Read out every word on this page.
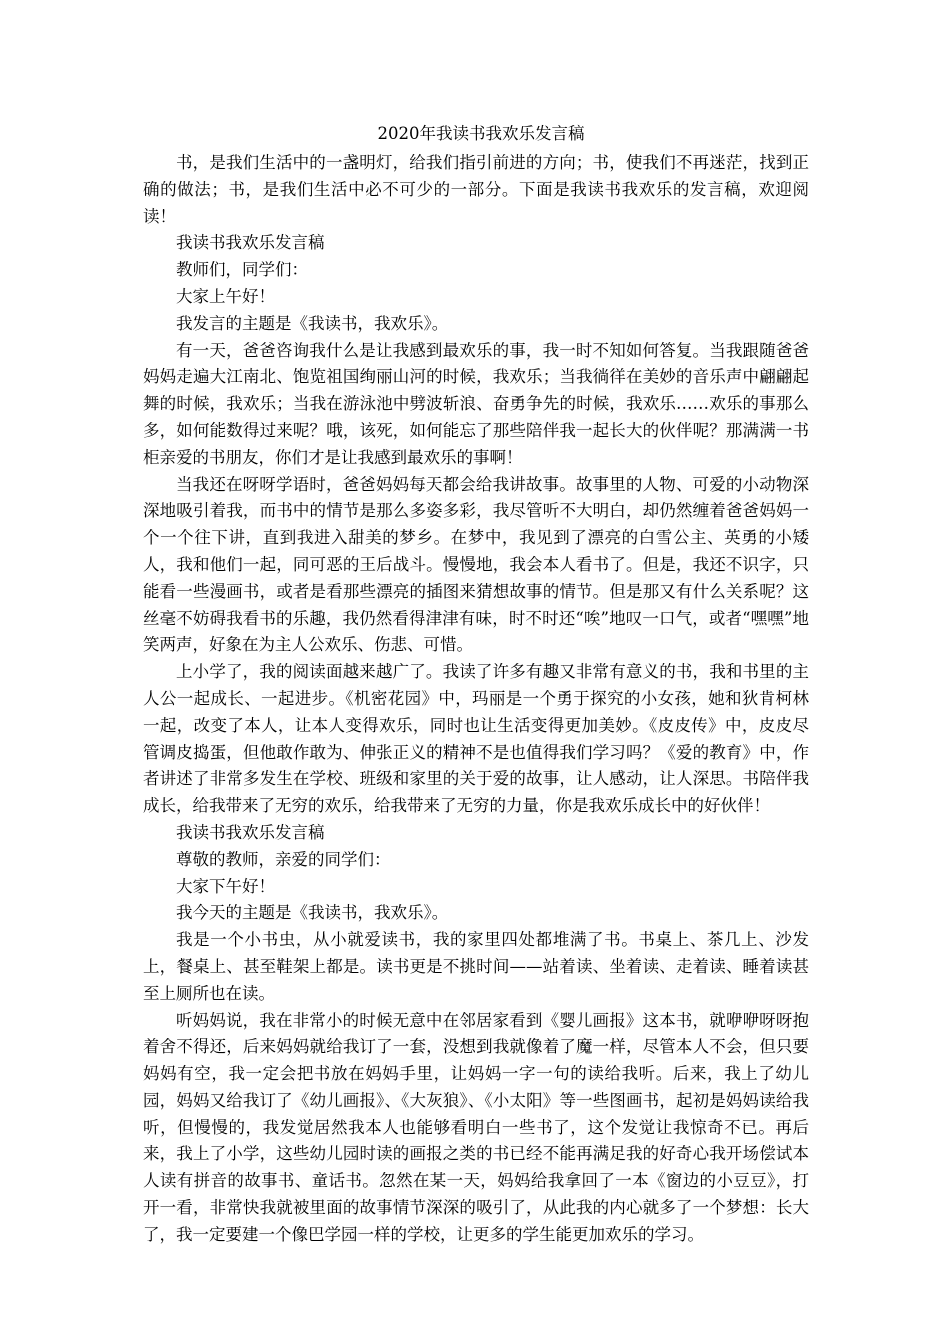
2020年我读书我欢乐发言稿

书，是我们生活中的一盏明灯，给我们指引前进的方向；书，使我们不再迷茫，找到正确的做法；书，是我们生活中必不可少的一部分。下面是我读书我欢乐的发言稿，欢迎阅读！

我读书我欢乐发言稿

教师们，同学们：

大家上午好！

我发言的主题是《我读书，我欢乐》。

有一天，爸爸咨询我什么是让我感到最欢乐的事，我一时不知如何答复。当我跟随爸爸妈妈走遍大江南北、饱览祖国绚丽山河的时候，我欢乐；当我徜徉在美妙的音乐声中翩翩起舞的时候，我欢乐；当我在游泳池中劈波斩浪、奋勇争先的时候，我欢乐……欢乐的事那么多，如何能数得过来呢？哦，该死，如何能忘了那些陪伴我一起长大的伙伴呢？那满满一书柜亲爱的书朋友，你们才是让我感到最欢乐的事啊！

当我还在呀呀学语时，爸爸妈妈每天都会给我讲故事。故事里的人物、可爱的小动物深深地吸引着我，而书中的情节是那么多姿多彩，我尽管听不大明白，却仍然缠着爸爸妈妈一个一个往下讲，直到我进入甜美的梦乡。在梦中，我见到了漂亮的白雪公主、英勇的小矮人，我和他们一起，同可恶的王后战斗。慢慢地，我会本人看书了。但是，我还不识字，只能看一些漫画书，或者是看那些漂亮的插图来猜想故事的情节。但是那又有什么关系呢？这丝毫不妨碍我看书的乐趣，我仍然看得津津有味，时不时还“唉”地叹一口气，或者“嘿嘿”地笑两声，好象在为主人公欢乐、伤悲、可惜。

上小学了，我的阅读面越来越广了。我读了许多有趣又非常有意义的书，我和书里的主人公一起成长、一起进步。《机密花园》中，玛丽是一个勇于探究的小女孩，她和狄肯柯林一起，改变了本人，让本人变得欢乐，同时也让生活变得更加美妙。《皮皮传》中，皮皮尽管调皮捣蛋，但他敢作敢为、伸张正义的精神不是也值得我们学习吗？《爱的教育》中，作者讲述了非常多发生在学校、班级和家里的关于爱的故事，让人感动，让人深思。书陪伴我成长，给我带来了无穷的欢乐，给我带来了无穷的力量，你是我欢乐成长中的好伙伴！

我读书我欢乐发言稿

尊敬的教师，亲爱的同学们：

大家下午好！

我今天的主题是《我读书，我欢乐》。

我是一个小书虫，从小就爱读书，我的家里四处都堆满了书。书桌上、茶几上、沙发上，餐桌上、甚至鞋架上都是。读书更是不挑时间——站着读、坐着读、走着读、睡着读甚至上厕所也在读。

听妈妈说，我在非常小的时候无意中在邻居家看到《婴儿画报》这本书，就咿咿呀呀抱着舍不得还，后来妈妈就给我订了一套，没想到我就像着了魔一样，尽管本人不会，但只要妈妈有空，我一定会把书放在妈妈手里，让妈妈一字一句的读给我听。后来，我上了幼儿园，妈妈又给我订了《幼儿画报》、《大灰狼》、《小太阳》等一些图画书，起初是妈妈读给我听，但慢慢的，我发觉居然我本人也能够看明白一些书了，这个发觉让我惊奇不已。再后来，我上了小学，这些幼儿园时读的画报之类的书已经不能再满足我的好奇心我开场偿试本人读有拼音的故事书、童话书。忽然在某一天，妈妈给我拿回了一本《窗边的小豆豆》，打开一看，非常快我就被里面的故事情节深深的吸引了，从此我的内心就多了一个梦想：长大了，我一定要建一个像巴学园一样的学校，让更多的学生能更加欢乐的学习。
